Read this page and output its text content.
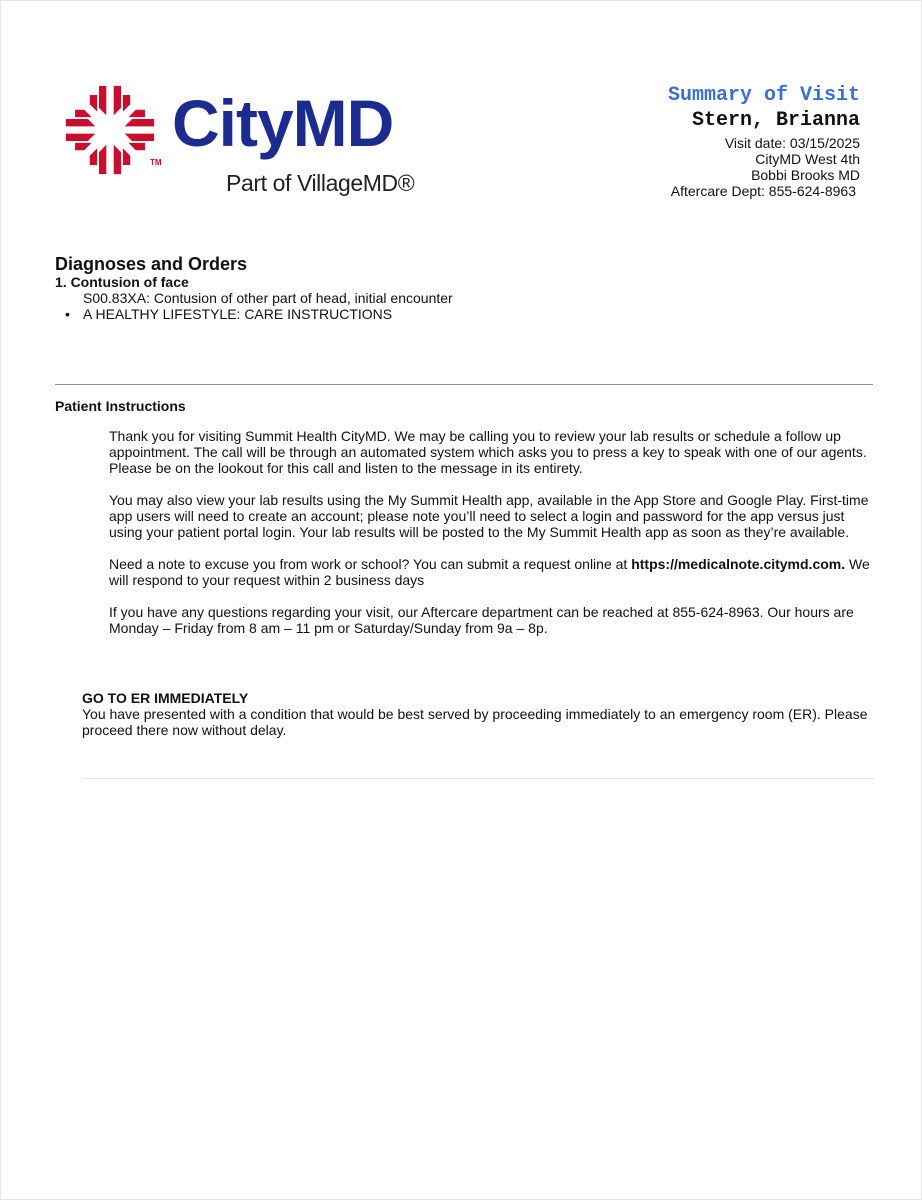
TM
CityMD
Part of VillageMD®
Summary of Visit
Stern, Brianna
Visit date: 03/15/2025
CityMD West 4th
Bobbi Brooks MD
Aftercare Dept: 855-624-8963
Diagnoses and Orders
1. Contusion of face
S00.83XA: Contusion of other part of head, initial encounter
• A HEALTHY LIFESTYLE: CARE INSTRUCTIONS
Patient Instructions

Thank you for visiting Summit Health CityMD. We may be calling you to review your lab results or schedule a follow up appointment. The call will be through an automated system which asks you to press a key to speak with one of our agents. Please be on the lookout for this call and listen to the message in its entirety.

You may also view your lab results using the My Summit Health app, available in the App Store and Google Play. First-time app users will need to create an account; please note you’ll need to select a login and password for the app versus just using your patient portal login. Your lab results will be posted to the My Summit Health app as soon as they’re available.

Need a note to excuse you from work or school? You can submit a request online at https://medicalnote.citymd.com. We will respond to your request within 2 business days

If you have any questions regarding your visit, our Aftercare department can be reached at 855-624-8963. Our hours are Monday – Friday from 8 am – 11 pm or Saturday/Sunday from 9a – 8p.

GO TO ER IMMEDIATELY
You have presented with a condition that would be best served by proceeding immediately to an emergency room (ER). Please proceed there now without delay.
